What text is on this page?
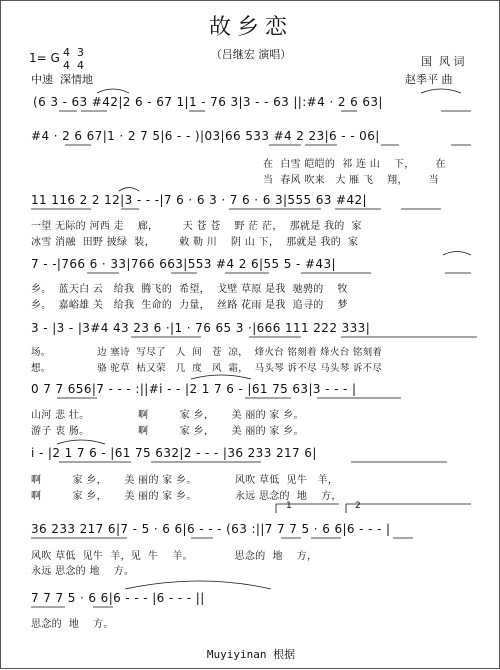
故乡恋
（吕继宏 演唱）
1= G 4  3
4  4
中速  深情地
国  风 词
赵季平 曲
(6 3 - 63 #42|2 6 - 67 1|1 - 76 3|3 - - 63 ||:#4 · 2 6 63|
#4 · 2 6 67|1 · 2 7 5|6 - - )|03|66 533 #4 2 23|6 - - 06|
在  白雪 皑皑的  祁 连 山    下，      在
当  春风 吹来   大 雁 飞    翔，      当
11 116 2 2 12|3 - - -|7 6 · 6 3 · 7 6 · 6 3|555 63 #42|
一望 无际的 河西 走    廊，       天 苍 苍    野 茫 茫，  那就是 我的  家
冰雪 消融  田野 披绿  装，       敕 勒 川    阴 山 下，  那就是 我的  家
7 - -|766 6 · 33|766 663|553 #4 2 6|55 5 - #43|
乡。  蓝天白 云   给我  腾飞的  希望，  戈壁 草原 是我  驰骋的    牧
乡。  嘉峪雄 关   给我  生命的  力量，  丝路 花雨 是我  追寻的    梦
3 - |3 - |3#4 43 23 6 ·|1 · 76 65 3 ·|666 111 222 333|
场。              边 塞诗  写尽了   人  间   苍  凉，  烽火台 铭刻着 烽火台 铭刻着
想。              骆 驼草  枯又荣   几  度   风  霜，  马头琴 诉不尽 马头琴 诉不尽
0 7 7 656|7 - - - :||#i - - |2 1 7 6 - |61 75 63|3 - - - |
山河 悲 壮。              啊         家 乡，     美 丽的 家 乡。
游子 衷 肠。              啊         家 乡，     美 丽的 家 乡。
i - |2 1 7 6 - |61 75 632|2 - - - |36 233 217 6|
啊         家 乡，     美 丽的 家 乡。           风吹 草低  见牛   羊，
啊         家 乡，     美 丽的 家 乡。           永远 思念的  地    方，
36 233 217 6|7 - 5 · 6 6|6 - - - (63 :||7 7 7 5 · 6 6|6 - - - |
风吹 草低  见牛  羊，见  牛    羊。            思念的  地    方，
永远 思念的 地    方。
7 7 7 5 · 6 6|6 - - - |6 - - - ||
思念的  地    方。
1	2
Muyiyinan 根据
